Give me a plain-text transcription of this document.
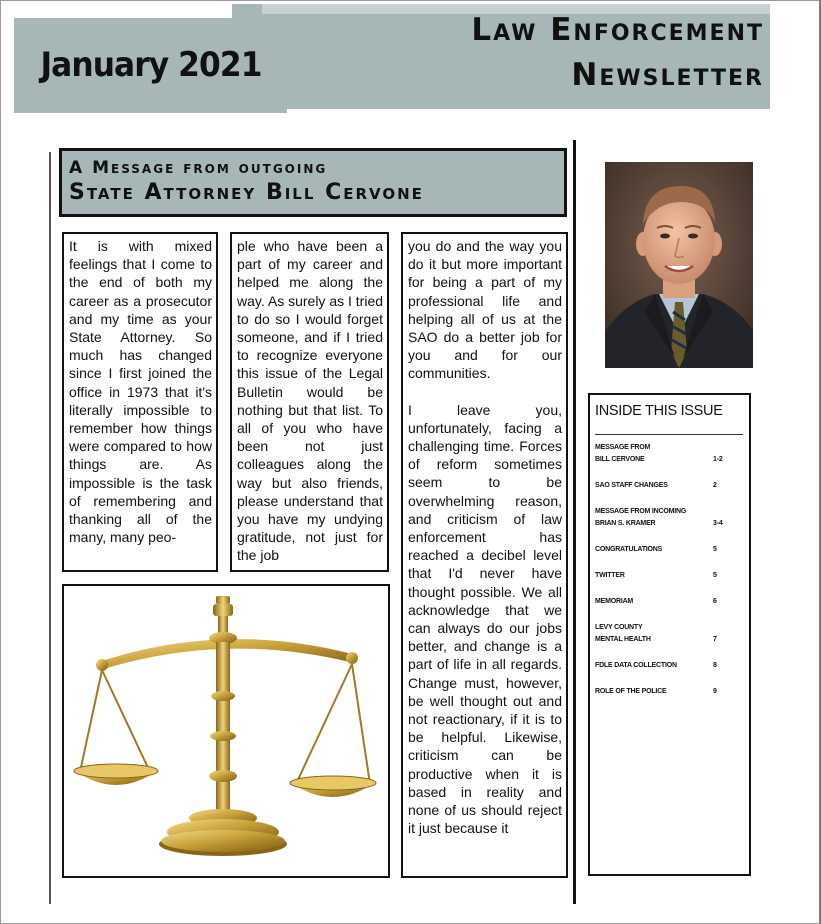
January 2021
Law Enforcement
Newsletter
A Message from outgoing
State Attorney Bill Cervone
It is with mixed feelings that I come to the end of both my career as a prosecutor and my time as your State Attorney. So much has changed since I first joined the office in 1973 that it's literally impossible to remember how things were compared to how things are. As impossible is the task of remembering and thanking all of the many, many peo-
ple who have been a part of my career and helped me along the way. As surely as I tried to do so I would forget someone, and if I tried to recognize everyone this issue of the Legal Bulletin would be nothing but that list. To all of you who have been not just colleagues along the way but also friends, please understand that you have my undying gratitude, not just for the job
you do and the way you do it but more important for being a part of my professional life and helping all of us at the SAO do a better job for you and for our communities.
I leave you, unfortunately, facing a challenging time. Forces of reform sometimes seem to be overwhelming reason, and criticism of law enforcement has reached a decibel level that I'd never have thought possible. We all acknowledge that we can always do our jobs better, and change is a part of life in all regards. Change must, however, be well thought out and not reactionary, if it is to be helpful. Likewise, criticism can be productive when it is based in reality and none of us should reject it just because it
INSIDE THIS ISSUE
MESSAGE FROM
BILL CERVONE	1-2
SAO STAFF CHANGES	2
MESSAGE FROM INCOMING
BRIAN S. KRAMER	3-4
CONGRATULATIONS	5
TWITTER	5
MEMORIAM	6
LEVY COUNTY
MENTAL HEALTH	7
FDLE DATA COLLECTION	8
ROLE OF THE POLICE	9
